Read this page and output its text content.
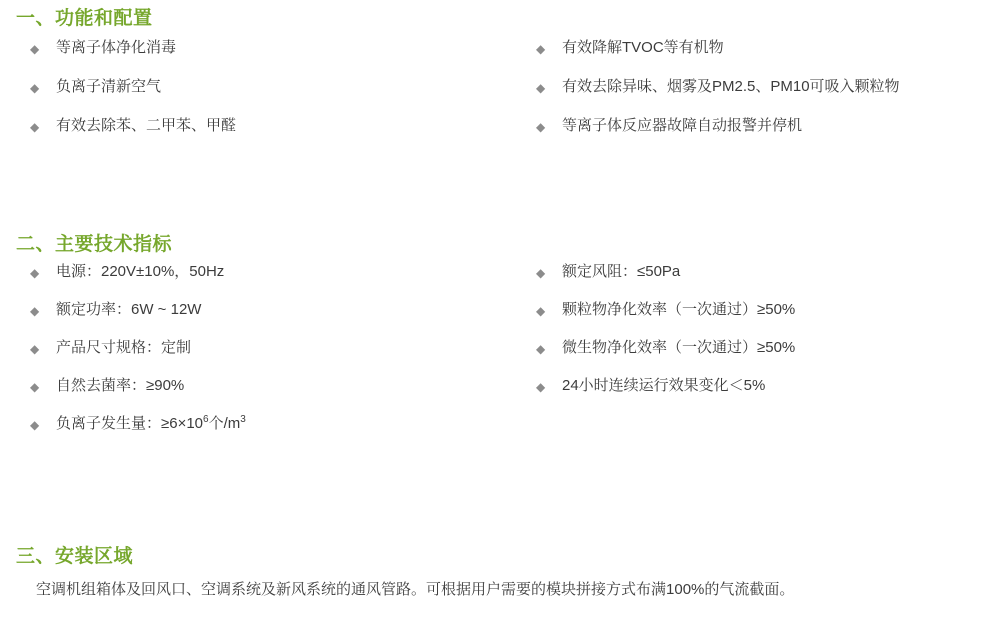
一、功能和配置
◆ 等离子体净化消毒
◆ 负离子清新空气
◆ 有效去除苯、二甲苯、甲醛
◆ 有效降解TVOC等有机物
◆ 有效去除异味、烟雾及PM2.5、PM10可吸入颗粒物
◆ 等离子体反应器故障自动报警并停机
二、主要技术指标
◆ 电源：220V±10%，50Hz
◆ 额定功率：6W ~ 12W
◆ 产品尺寸规格：定制
◆ 自然去菌率：≥90%
◆ 负离子发生量：$\ge 6\times 10^6$个$/m^3$
◆ 额定风阻：≤50Pa
◆ 颗粒物净化效率（一次通过）≥50%
◆ 微生物净化效率（一次通过）≥50%
◆ 24小时连续运行效果变化＜5%
三、安装区域
空调机组箱体及回风口、空调系统及新风系统的通风管路。可根据用户需要的模块拼接方式布满100%的气流截面。
